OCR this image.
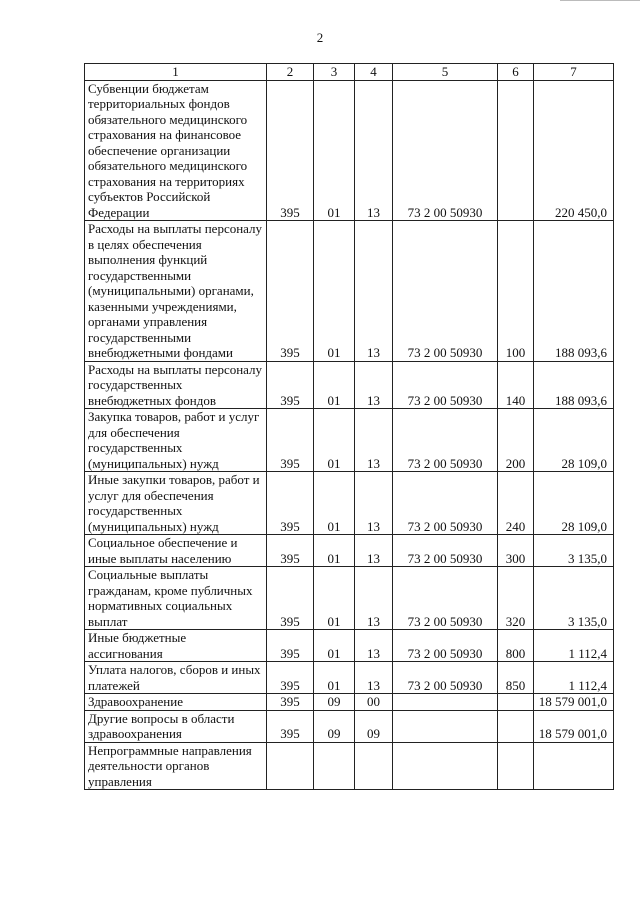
2
1	2	3	4	5	6	7
Субвенции бюджетам территориальных фондов обязательного медицинского страхования на финансовое обеспечение организации обязательного медицинского страхования на территориях субъектов Российской Федерации	395	01	13	73 2 00 50930		220 450,0
Расходы на выплаты персоналу в целях обеспечения выполнения функций государственными (муниципальными) органами, казенными учреждениями, органами управления государственными внебюджетными фондами	395	01	13	73 2 00 50930	100	188 093,6
Расходы на выплаты персоналу государственных внебюджетных фондов	395	01	13	73 2 00 50930	140	188 093,6
Закупка товаров, работ и услуг для обеспечения государственных (муниципальных) нужд	395	01	13	73 2 00 50930	200	28 109,0
Иные закупки товаров, работ и услуг для обеспечения государственных (муниципальных) нужд	395	01	13	73 2 00 50930	240	28 109,0
Социальное обеспечение и иные выплаты населению	395	01	13	73 2 00 50930	300	3 135,0
Социальные выплаты гражданам, кроме публичных нормативных социальных выплат	395	01	13	73 2 00 50930	320	3 135,0
Иные бюджетные ассигнования	395	01	13	73 2 00 50930	800	1 112,4
Уплата налогов, сборов и иных платежей	395	01	13	73 2 00 50930	850	1 112,4
Здравоохранение	395	09	00			18 579 001,0
Другие вопросы в области здравоохранения	395	09	09			18 579 001,0
Непрограммные направления деятельности органов управления						
